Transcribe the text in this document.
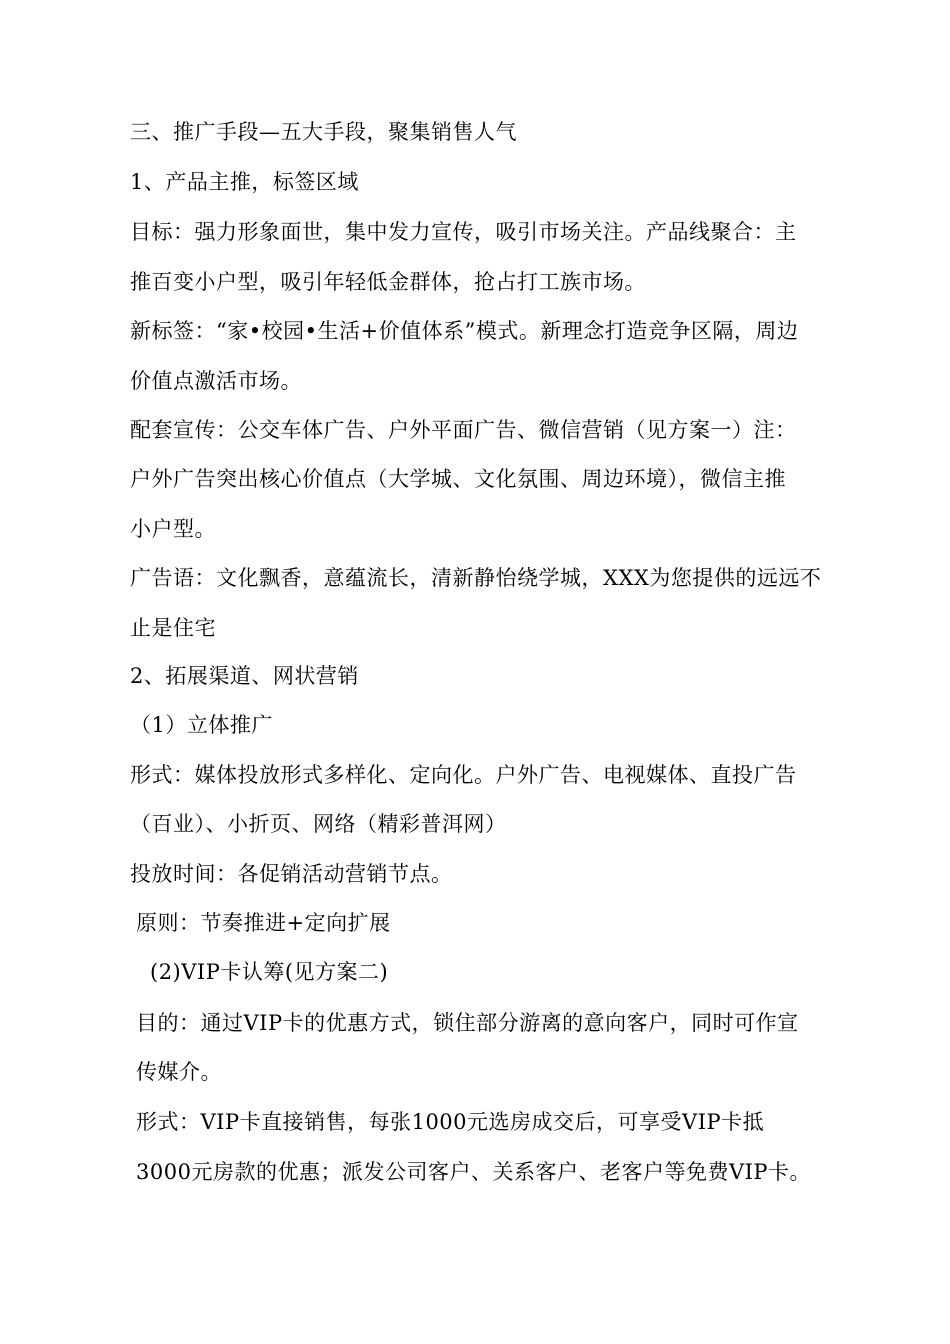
三、推广手段—五大手段，聚集销售人气
1、产品主推，标签区域
目标：强力形象面世，集中发力宣传，吸引市场关注。产品线聚合：主
推百变小户型，吸引年轻低金群体，抢占打工族市场。
新标签：“家•校园•生活+价值体系”模式。新理念打造竞争区隔，周边
价值点激活市场。
配套宣传：公交车体广告、户外平面广告、微信营销（见方案一）注：
户外广告突出核心价值点（大学城、文化氛围、周边环境），微信主推
小户型。
广告语：文化飘香，意蕴流长，清新静怡绕学城，XXX为您提供的远远不
止是住宅
2、拓展渠道、网状营销
（1）立体推广
形式：媒体投放形式多样化、定向化。户外广告、电视媒体、直投广告
（百业）、小折页、网络（精彩普洱网）
投放时间：各促销活动营销节点。
原则：节奏推进+定向扩展
(2)VIP卡认筹(见方案二)
目的：通过VIP卡的优惠方式，锁住部分游离的意向客户，同时可作宣
传媒介。
形式：VIP卡直接销售，每张1000元选房成交后，可享受VIP卡抵
3000元房款的优惠；派发公司客户、关系客户、老客户等免费VIP卡。
